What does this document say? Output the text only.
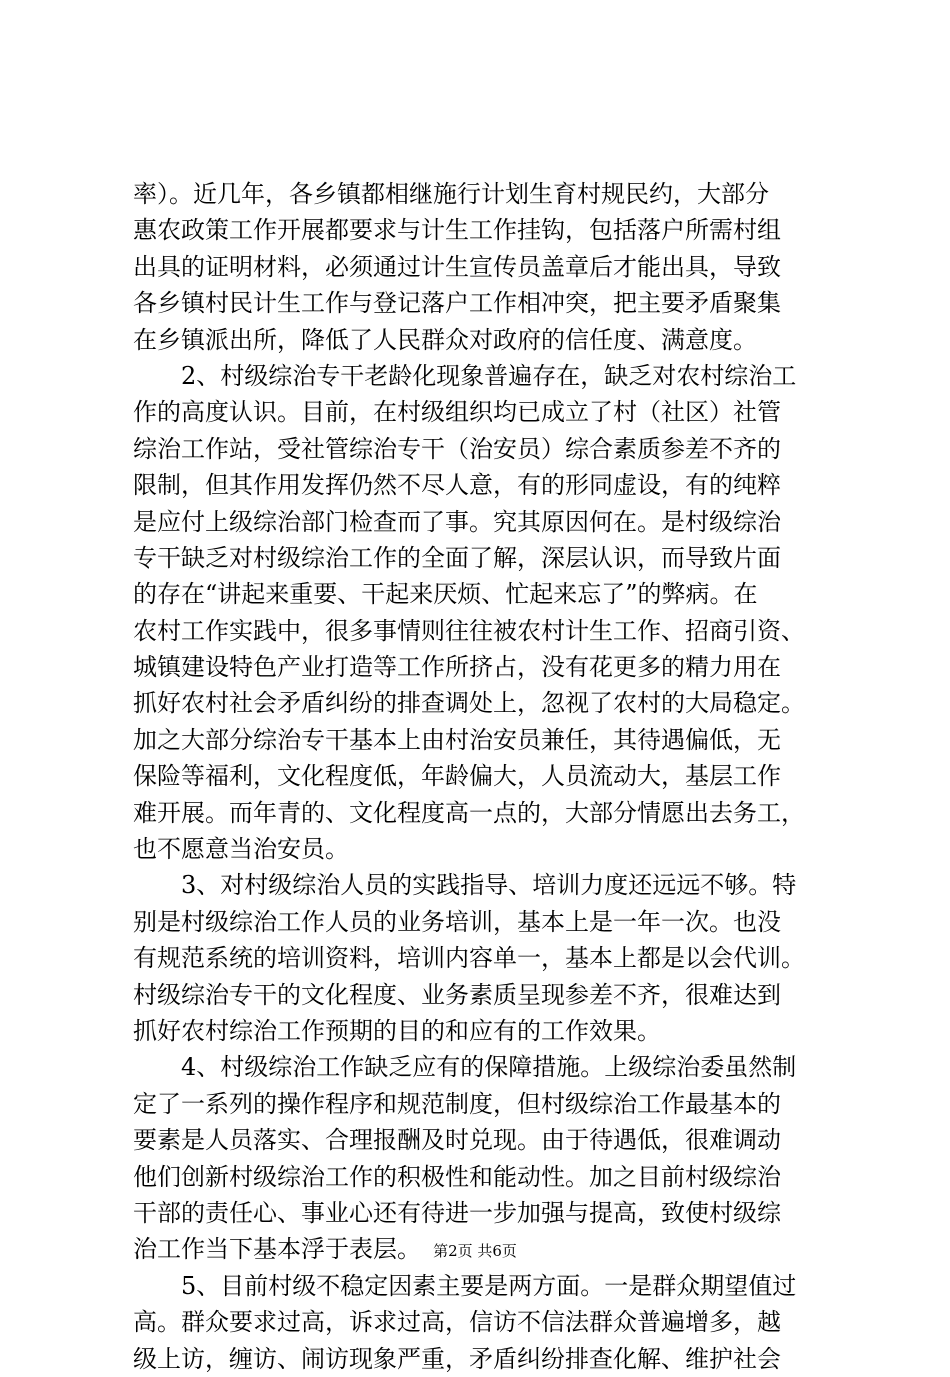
率）。近几年，各乡镇都相继施行计划生育村规民约，大部分
惠农政策工作开展都要求与计生工作挂钩，包括落户所需村组
出具的证明材料，必须通过计生宣传员盖章后才能出具，导致
各乡镇村民计生工作与登记落户工作相冲突，把主要矛盾聚集
在乡镇派出所，降低了人民群众对政府的信任度、满意度。
　　2、村级综治专干老龄化现象普遍存在，缺乏对农村综治工
作的高度认识。目前，在村级组织均已成立了村（社区）社管
综治工作站，受社管综治专干（治安员）综合素质参差不齐的
限制，但其作用发挥仍然不尽人意，有的形同虚设，有的纯粹
是应付上级综治部门检查而了事。究其原因何在。是村级综治
专干缺乏对村级综治工作的全面了解，深层认识，而导致片面
的存在“讲起来重要、干起来厌烦、忙起来忘了”的弊病。在
农村工作实践中，很多事情则往往被农村计生工作、招商引资、
城镇建设特色产业打造等工作所挤占，没有花更多的精力用在
抓好农村社会矛盾纠纷的排查调处上，忽视了农村的大局稳定。
加之大部分综治专干基本上由村治安员兼任，其待遇偏低，无
保险等福利，文化程度低，年龄偏大，人员流动大，基层工作
难开展。而年青的、文化程度高一点的，大部分情愿出去务工，
也不愿意当治安员。
　　3、对村级综治人员的实践指导、培训力度还远远不够。特
别是村级综治工作人员的业务培训，基本上是一年一次。也没
有规范系统的培训资料，培训内容单一，基本上都是以会代训。
村级综治专干的文化程度、业务素质呈现参差不齐，很难达到
抓好农村综治工作预期的目的和应有的工作效果。
　　4、村级综治工作缺乏应有的保障措施。上级综治委虽然制
定了一系列的操作程序和规范制度，但村级综治工作最基本的
要素是人员落实、合理报酬及时兑现。由于待遇低，很难调动
他们创新村级综治工作的积极性和能动性。加之目前村级综治
干部的责任心、事业心还有待进一步加强与提高，致使村级综
治工作当下基本浮于表层。
　　5、目前村级不稳定因素主要是两方面。一是群众期望值过
高。群众要求过高，诉求过高，信访不信法群众普遍增多，越
级上访，缠访、闹访现象严重，矛盾纠纷排查化解、维护社会
第2页 共6页
